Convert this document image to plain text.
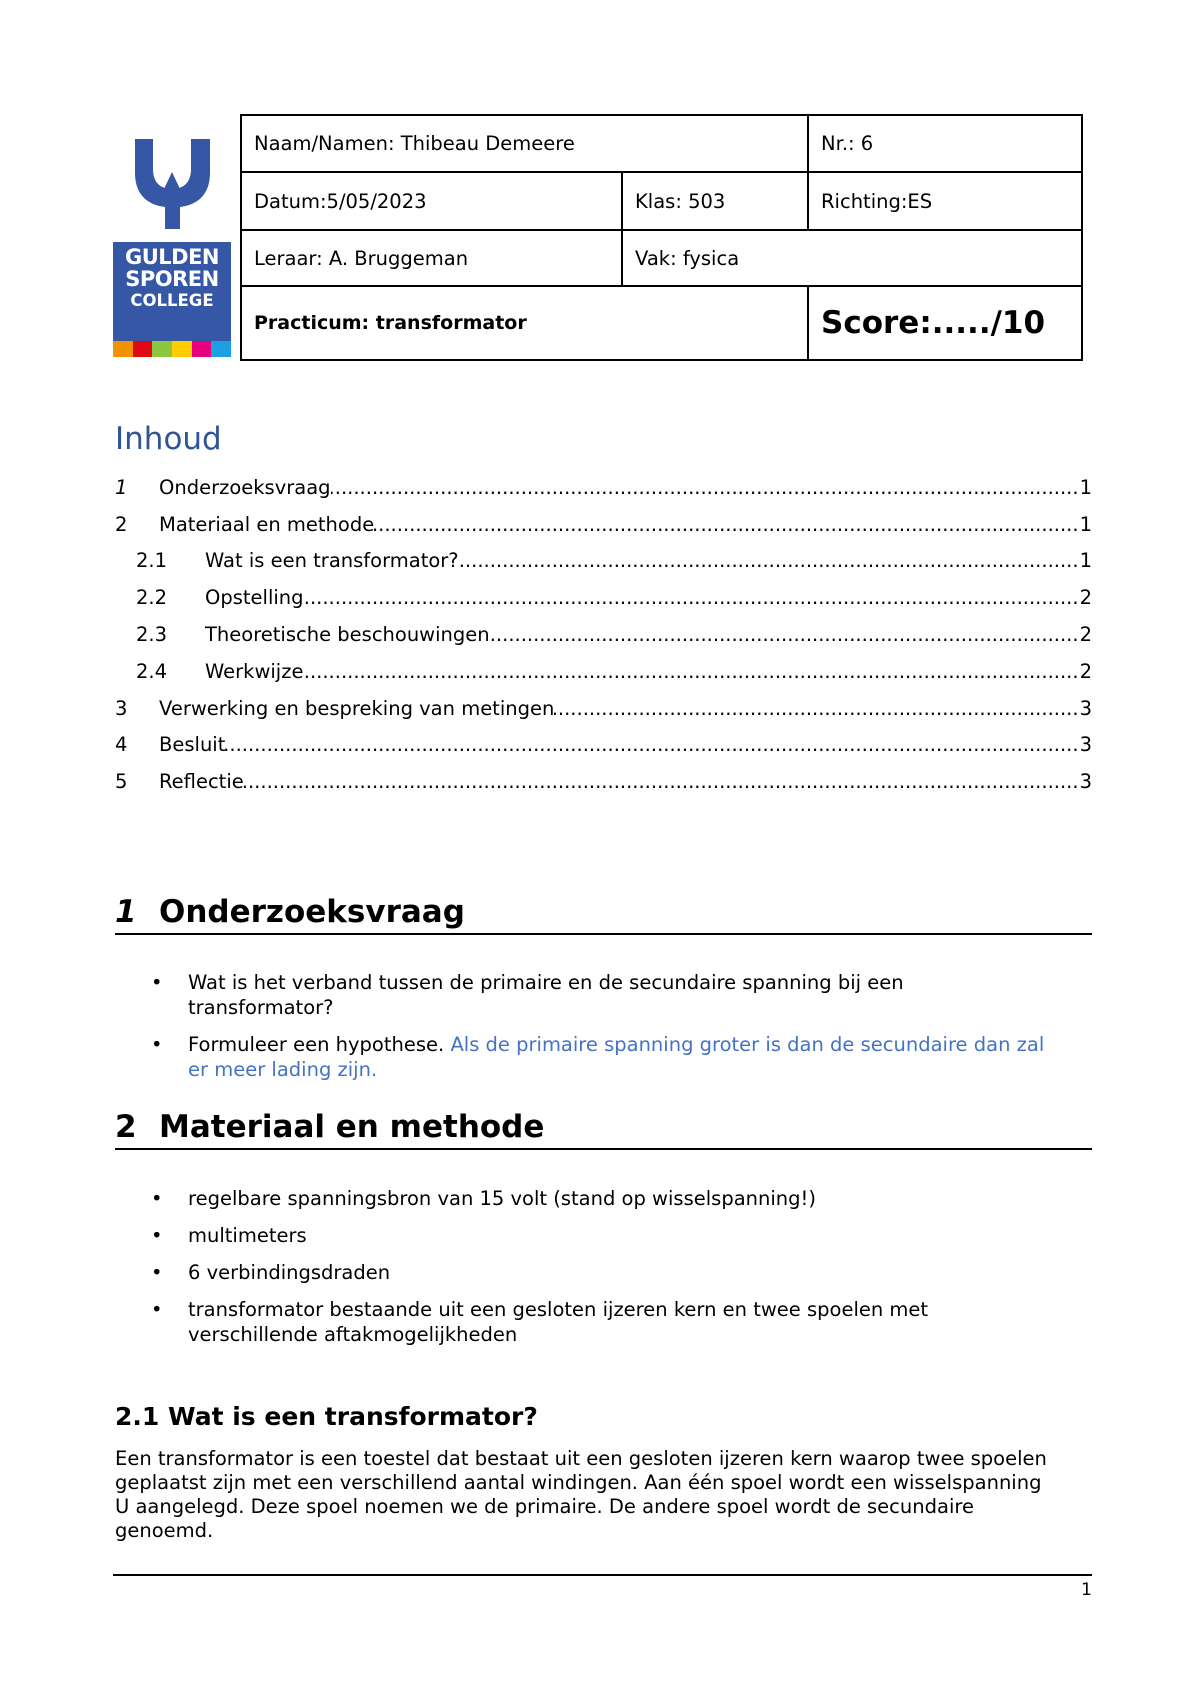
GULDEN
SPOREN
COLLEGE
Naam/Namen: Thibeau Demeere		Nr.: 6
Datum:5/05/2023	Klas: 503	Richting:ES
Leraar: A. Bruggeman	Vak: fysica	
Practicum: transformator		Score:...../10
Inhoud
1	Onderzoeksvraag .....	1
2	Materiaal en methode .....	1
2.1	Wat is een transformator? .....	1
2.2	Opstelling .....	2
2.3	Theoretische beschouwingen .....	2
2.4	Werkwijze .....	2
3	Verwerking en bespreking van metingen .....	3
4	Besluit .....	3
5	Reflectie .....	3
1 Onderzoeksvraag
• Wat is het verband tussen de primaire en de secundaire spanning bij een
transformator?
• Formuleer een hypothese. Als de primaire spanning groter is dan de secundaire dan zal
er meer lading zijn.
2 Materiaal en methode
• regelbare spanningsbron van 15 volt (stand op wisselspanning!)
• multimeters
• 6 verbindingsdraden
• transformator bestaande uit een gesloten ijzeren kern en twee spoelen met
verschillende aftakmogelijkheden
2.1 Wat is een transformator?
Een transformator is een toestel dat bestaat uit een gesloten ijzeren kern waarop twee spoelen
geplaatst zijn met een verschillend aantal windingen. Aan één spoel wordt een wisselspanning
U aangelegd. Deze spoel noemen we de primaire. De andere spoel wordt de secundaire
genoemd.
1
